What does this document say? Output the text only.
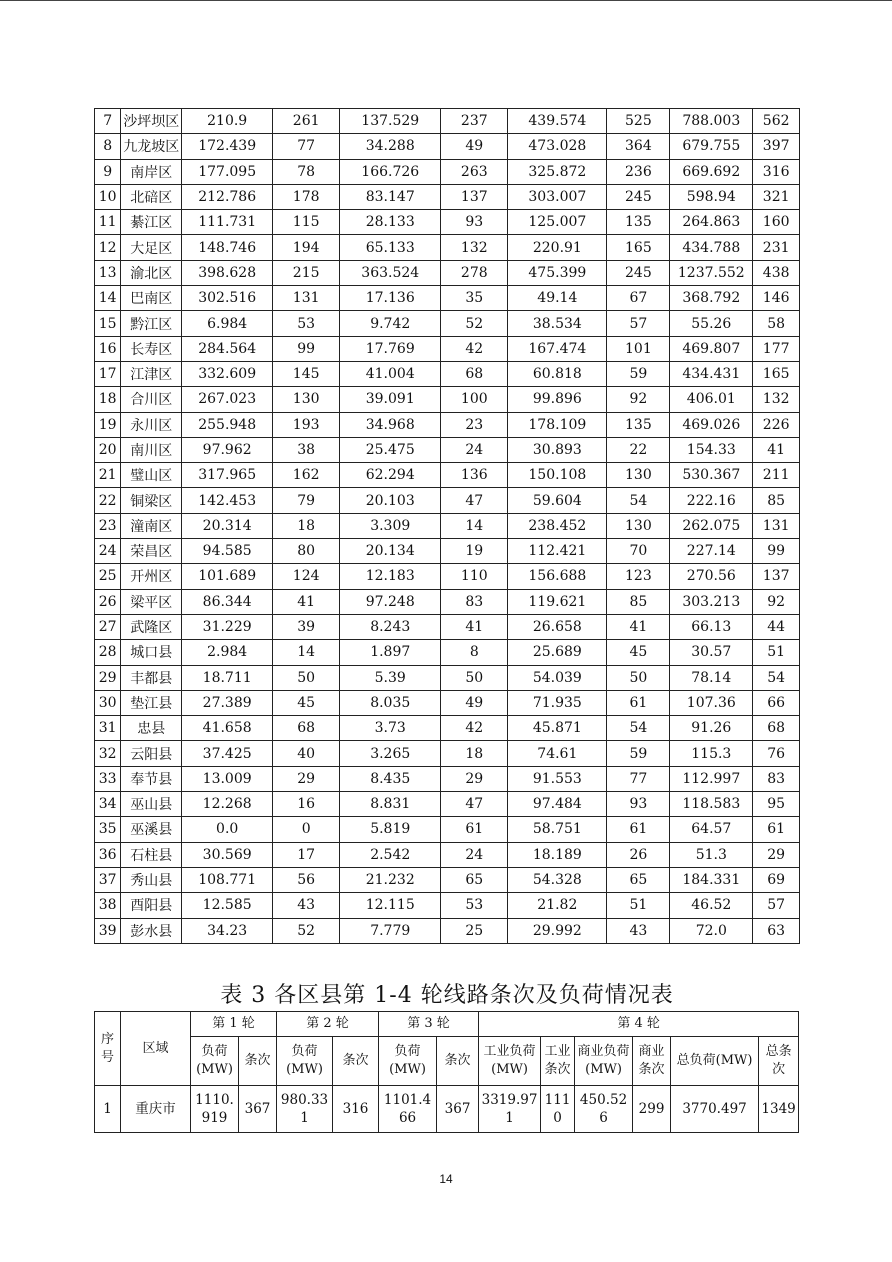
7	沙坪坝区	210.9	261	137.529	237	439.574	525	788.003	562
8	九龙坡区	172.439	77	34.288	49	473.028	364	679.755	397
9	南岸区	177.095	78	166.726	263	325.872	236	669.692	316
10	北碚区	212.786	178	83.147	137	303.007	245	598.94	321
11	綦江区	111.731	115	28.133	93	125.007	135	264.863	160
12	大足区	148.746	194	65.133	132	220.91	165	434.788	231
13	渝北区	398.628	215	363.524	278	475.399	245	1237.552	438
14	巴南区	302.516	131	17.136	35	49.14	67	368.792	146
15	黔江区	6.984	53	9.742	52	38.534	57	55.26	58
16	长寿区	284.564	99	17.769	42	167.474	101	469.807	177
17	江津区	332.609	145	41.004	68	60.818	59	434.431	165
18	合川区	267.023	130	39.091	100	99.896	92	406.01	132
19	永川区	255.948	193	34.968	23	178.109	135	469.026	226
20	南川区	97.962	38	25.475	24	30.893	22	154.33	41
21	璧山区	317.965	162	62.294	136	150.108	130	530.367	211
22	铜梁区	142.453	79	20.103	47	59.604	54	222.16	85
23	潼南区	20.314	18	3.309	14	238.452	130	262.075	131
24	荣昌区	94.585	80	20.134	19	112.421	70	227.14	99
25	开州区	101.689	124	12.183	110	156.688	123	270.56	137
26	梁平区	86.344	41	97.248	83	119.621	85	303.213	92
27	武隆区	31.229	39	8.243	41	26.658	41	66.13	44
28	城口县	2.984	14	1.897	8	25.689	45	30.57	51
29	丰都县	18.711	50	5.39	50	54.039	50	78.14	54
30	垫江县	27.389	45	8.035	49	71.935	61	107.36	66
31	忠县	41.658	68	3.73	42	45.871	54	91.26	68
32	云阳县	37.425	40	3.265	18	74.61	59	115.3	76
33	奉节县	13.009	29	8.435	29	91.553	77	112.997	83
34	巫山县	12.268	16	8.831	47	97.484	93	118.583	95
35	巫溪县	0.0	0	5.819	61	58.751	61	64.57	61
36	石柱县	30.569	17	2.542	24	18.189	26	51.3	29
37	秀山县	108.771	56	21.232	65	54.328	65	184.331	69
38	酉阳县	12.585	43	12.115	53	21.82	51	46.52	57
39	彭水县	34.23	52	7.779	25	29.992	43	72.0	63
表 3 各区县第 1-4 轮线路条次及负荷情况表
序号	区域	第 1 轮		第 2 轮		第 3 轮		第 4 轮					
		负荷(MW)	条次	负荷(MW)	条次	负荷(MW)	条次	工业负荷(MW)	工业条次	商业负荷(MW)	商业条次	总负荷(MW)	总条次
1	重庆市	1110.919	367	980.331	316	1101.466	367	3319.971	1110	450.526	299	3770.497	1349
14
